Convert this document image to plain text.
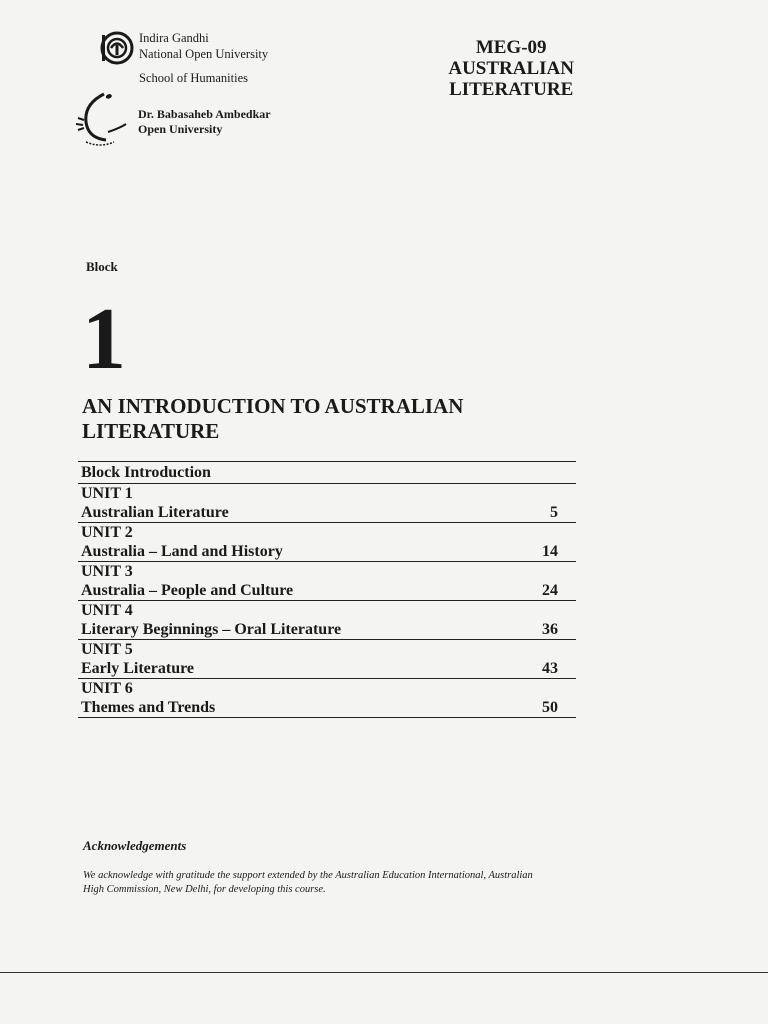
Indira Gandhi
National Open University
School of Humanities
Dr. Babasaheb Ambedkar
Open University
MEG-09
AUSTRALIAN
LITERATURE
Block
1
AN INTRODUCTION TO AUSTRALIAN
LITERATURE
Block Introduction
UNIT 1
Australian Literature	5
UNIT 2
Australia – Land and History	14
UNIT 3
Australia – People and Culture	24
UNIT 4
Literary Beginnings – Oral Literature	36
UNIT 5
Early Literature	43
UNIT 6
Themes and Trends	50
Acknowledgements
We acknowledge with gratitude the support extended by the Australian Education International, Australian High Commission, New Delhi, for developing this course.
